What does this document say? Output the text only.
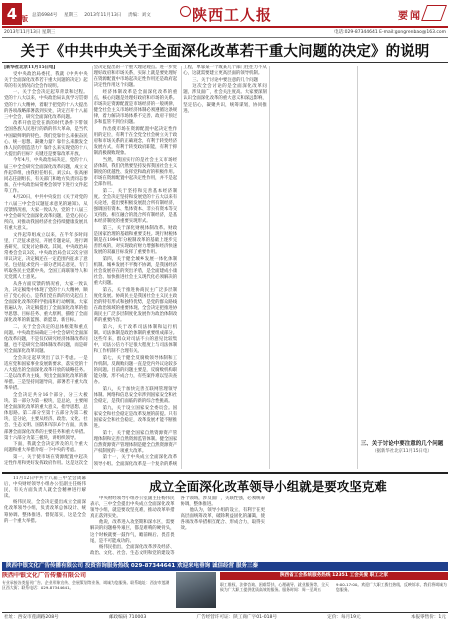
4 版 总第6984号 星期三 2013年11月13日 责编：刘文	陕西工人报	要闻
2013年11月13日 星期三	电话:029-87344641 E-mail:gongrenbao@163.com
关于《中共中央关于全面深化改革若干重大问题的决定》的说明

[新华社北京11月15日电]

受中央政治局委托，我就《中共中央关于全面深化改革若干重大问题的决定》起草的有关情况向全会作说明。

一、关于全会决定起草背景和过程。党的十八大以来，中央政治局认真学习贯彻党的十八大精神，着眼于把党的十八大提出的各项战略部署落到实处，决定召开十八届三中全会，研究全面深化改革问题。

改革开放是党在新的时代条件下带领全国各族人民进行的新的伟大革命，是当代中国最鲜明的特色。我们党靠什么来振奋民心、统一思想、凝聚力量？靠什么来激发全体人民的创造活力？靠什么来实现党的十八大提出的目标？关键还是要靠改革开放。

今年4月，中央政治局决定，党的十八届三中全会研究全面深化改革问题，成立文件起草组，由我担任组长，刘云山、张高丽同志任副组长，有关部门和地方负责同志参加，在中央政治局常委会领导下进行文件起草工作。

4月20日，中共中央发出《关于对党的十八届三中全会议题征求意见的通知》。从反馈情况看，大家一致认为，党的十八届三中全会研究全面深化改革问题，是党心民心所向，对推动我国经济社会持续健康发展具有重大意义。

文件起草组成立以来，在半年多时间里，广泛征求意见，开展专题论证，进行调查研究，反复讨论修改。其间，中央政治局常委会会议3次、中央政治局会议2次分别审议决定，决定稿还在一定范围内征求了意见，包括征求党内一部分老同志意见，专门听取各民主党派中央、全国工商联领导人和无党派人士意见。

从各方面反馈的情况看，大家一致认为，决定稿集中体现了党的十八大精神，顺应了党心民心，是我们党在新的历史起点上全面深化改革的科学指南和行动纲领。大家普遍认为，决定稿提出了全面深化改革的指导思想、目标任务、重大原则，描绘了全面深化改革的新蓝图、新愿景、新目标。

二、关于全会决定的总体框架和重点问题。中央政治局确定三中全会研究全面深化改革问题，不是仅仅研究经济体制改革问题，也不是研究全部体制改革问题，而是研究全面深化改革问题。

全会决定起草突出了以下考虑。一是适应党和国家事业发展新要求，落实党的十八大提出的全面深化改革开放的战略任务。二是以改革为主线，突出全面深化改革的新举措。三是坚持问题导向，部署若干重大改革举措。

全会决定共分16个部分，分三大板块。第一部分为第一板块，是总论，主要阐述全面深化改革的重大意义、指导思想、总体思路。第二部分至第十五部分为第二板块，是分论，主要从经济、政治、文化、社会、生态文明、国防和军队6个方面，具体部署全面深化改革的主要任务和重大举措。第十六部分为第三板块，讲组织领导。

下面，我就全会决定涉及的几个重大问题和重大举措介绍一下中央的考虑。

第一，关于使市场在资源配置中起决定性作用和更好发挥政府作用。这是这次全会决定提出的一个重大理论观点。进一步处理好政府和市场关系，实际上就是要处理好在资源配置中市场起决定性作用还是政府起决定性作用这个问题。

经济体制改革是全面深化改革的重点，核心问题是处理好政府和市场的关系。市场决定资源配置是市场经济的一般规律，健全社会主义市场经济体制必须遵循这条规律，着力解决市场体系不完善、政府干预过多和监管不到位问题。

作出使市场在资源配置中起决定性作用的定位，有利于在全党全社会树立关于政府和市场关系的正确观念，有利于转变经济发展方式，有利于转变政府职能，有利于抑制消极腐败现象。

当然，我国实行的是社会主义市场经济体制，我们仍然要坚持发挥我国社会主义制度的优越性、发挥党和政府的积极作用。市场在资源配置中起决定性作用，并不是起全部作用。

第二，关于坚持和完善基本经济制度。全会决定坚持和发展党的十五大以来有关论述，提出要积极发展混合所有制经济，强调国有资本、集体资本、非公有资本等交叉持股、相互融合的混合所有制经济，是基本经济制度的重要实现形式。

第三，关于深化财税体制改革。财政是国家治理的基础和重要支柱。现行财税体制是在1994年分税制改革的基础上逐步完善形成的，对实现政府财力增强和经济快速发展的双赢目标发挥了重要作用。

第四，关于健全城乡发展一体化体制机制。城乡发展不平衡不协调，是我国经济社会发展存在的突出矛盾，是全面建成小康社会、加快推进社会主义现代化必须解决的重大问题。

第五，关于推进协商民主广泛多层制度化发展。协商民主是我国社会主义民主政治的特有形式和独特优势，是党的群众路线在政治领域的重要体现。全会决定把推进协商民主广泛多层制度化发展作为政治体制改革的重要内容。

第六，关于改革司法体制和运行机制。司法体制是政治体制的重要组成部分。这些年来，群众对司法不公的意见比较集中，司法公信力不足很大程度上与司法体制和工作机制不合理有关。

第七，关于健全反腐败领导体制和工作机制。反腐败问题一直是党内外议论较多的问题。目前的问题主要是，反腐败机构职能分散、形不成合力，有些案件难以坚决查办。

第八，关于加快完善互联网管理领导体制。网络和信息安全牵涉到国家安全和社会稳定，是我们面临的新的综合性挑战。

第九，关于设立国家安全委员会。国家安全和社会稳定是改革发展的前提。只有国家安全和社会稳定，改革发展才能不断推进。

第十，关于健全国家自然资源资产管理体制和完善自然资源监管体制。健全国家自然资源资产管理体制是健全自然资源资产产权制度的一项重大改革。

第十一，关于中央成立全面深化改革领导小组。全面深化改革是一个复杂的系统工程，单靠某一个或某几个部门往往力不从心，这就需要建立更高层面的领导机制。

三、关于讨论中要注意的几个问题

这次全会讨论的是全面深化改革问题，涉及面广，社会关注度高。大家要深刻认识全面深化改革的重大意义和深远影响，坚定信心，凝聚共识，统筹谋划，协同推进。

三、关于讨论中要注意的几个问题
（据新华社北京11月15日电）

11月12日中共十八届三中全会闭幕后，中央财经领导小组办公室副主任杨伟民，有关方面负责人就全会精神进行解读。

杨伟民说，全会决定提出成立全面深化改革领导小组，负责改革总体设计、统筹协调、整体推进、督促落实，这是全会的一个重大举措。

成立全面深化改革领导小组就是要攻坚克难

中央财经领导小组办公室副主任杨伟民表示，三中全会提出中央成立全面深化改革领导小组，就是要攻坚克难，推动改革举措真正落到实处。

他说，改革进入攻坚期和深水区，需要解决的问题格外艰巨，都是难啃的硬骨头，这个时候就要一鼓作气，瞻前顾后、畏首畏尾，是不可能成功的。

杨伟民指出，全面深化改革涉及经济、政治、文化、社会、生态文明和党的建设等各个领域，涉及面广，关联性强，必须统筹协调，整体推进。

他认为，领导小组的设立，有利于在更高层面统筹改革，破除利益固化的藩篱，使各项改革举措相互配合、形成合力，取得实效。

陕西中银文化广告传播有限公司 投资咨询服务热线 029-87344641 欢迎来电垂询 诚信经营 服务三秦
陕西中银文化广告传播有限公司
专业承接各类报刊广告、企业形象宣传、会展策划等业务，竭诚为您服务。联系地址：西安市莲湖区西大街；联系电话：029-87344641。
陕西省工会系统服务热线 12351 工会关爱 职工之家
职工维权、法律咨询、困难帮扶、心理疏导、就业服务等，全天候为广大职工提供优质高效的服务。服务时间：周一至周五 9:00-17:00。欢迎广大职工拨打热线，反映诉求，我们将竭诚为您服务。
社址：西安市莲湖路208号	邮政编码 710003	广告经营许可证：陕工商广字01-018号	定价：每月19元	本报零售价：1元
